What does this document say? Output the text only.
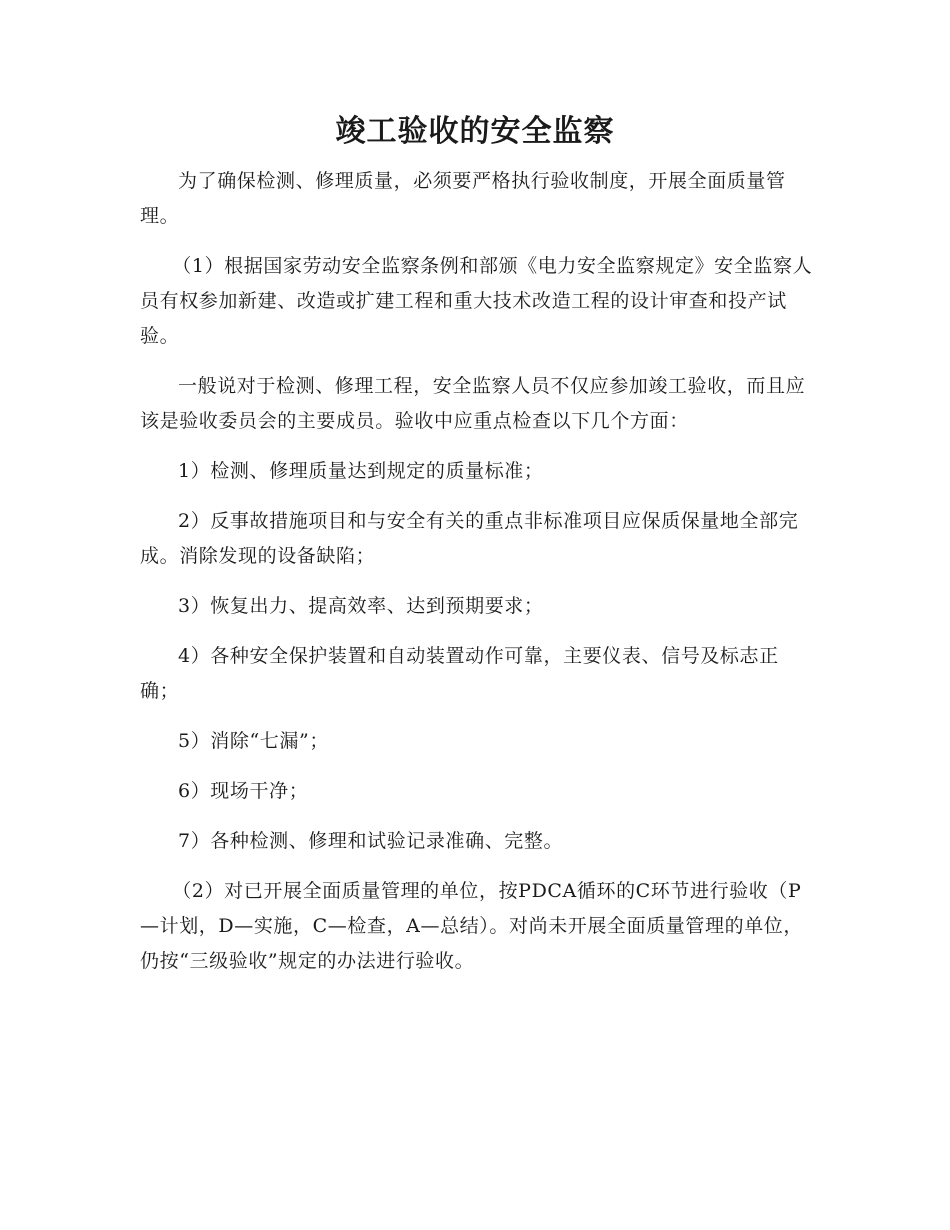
竣工验收的安全监察

为了确保检测、修理质量，必须要严格执行验收制度，开展全面质量管理。

（1）根据国家劳动安全监察条例和部颁《电力安全监察规定》安全监察人员有权参加新建、改造或扩建工程和重大技术改造工程的设计审查和投产试验。

一般说对于检测、修理工程，安全监察人员不仅应参加竣工验收，而且应该是验收委员会的主要成员。验收中应重点检查以下几个方面：

1）检测、修理质量达到规定的质量标准；

2）反事故措施项目和与安全有关的重点非标准项目应保质保量地全部完成。消除发现的设备缺陷；

3）恢复出力、提高效率、达到预期要求；

4）各种安全保护装置和自动装置动作可靠，主要仪表、信号及标志正确；

5）消除“七漏”；

6）现场干净；

7）各种检测、修理和试验记录准确、完整。

（2）对已开展全面质量管理的单位，按PDCA循环的C环节进行验收（P—计划，D—实施，C—检查，A—总结）。对尚未开展全面质量管理的单位，仍按“三级验收”规定的办法进行验收。
